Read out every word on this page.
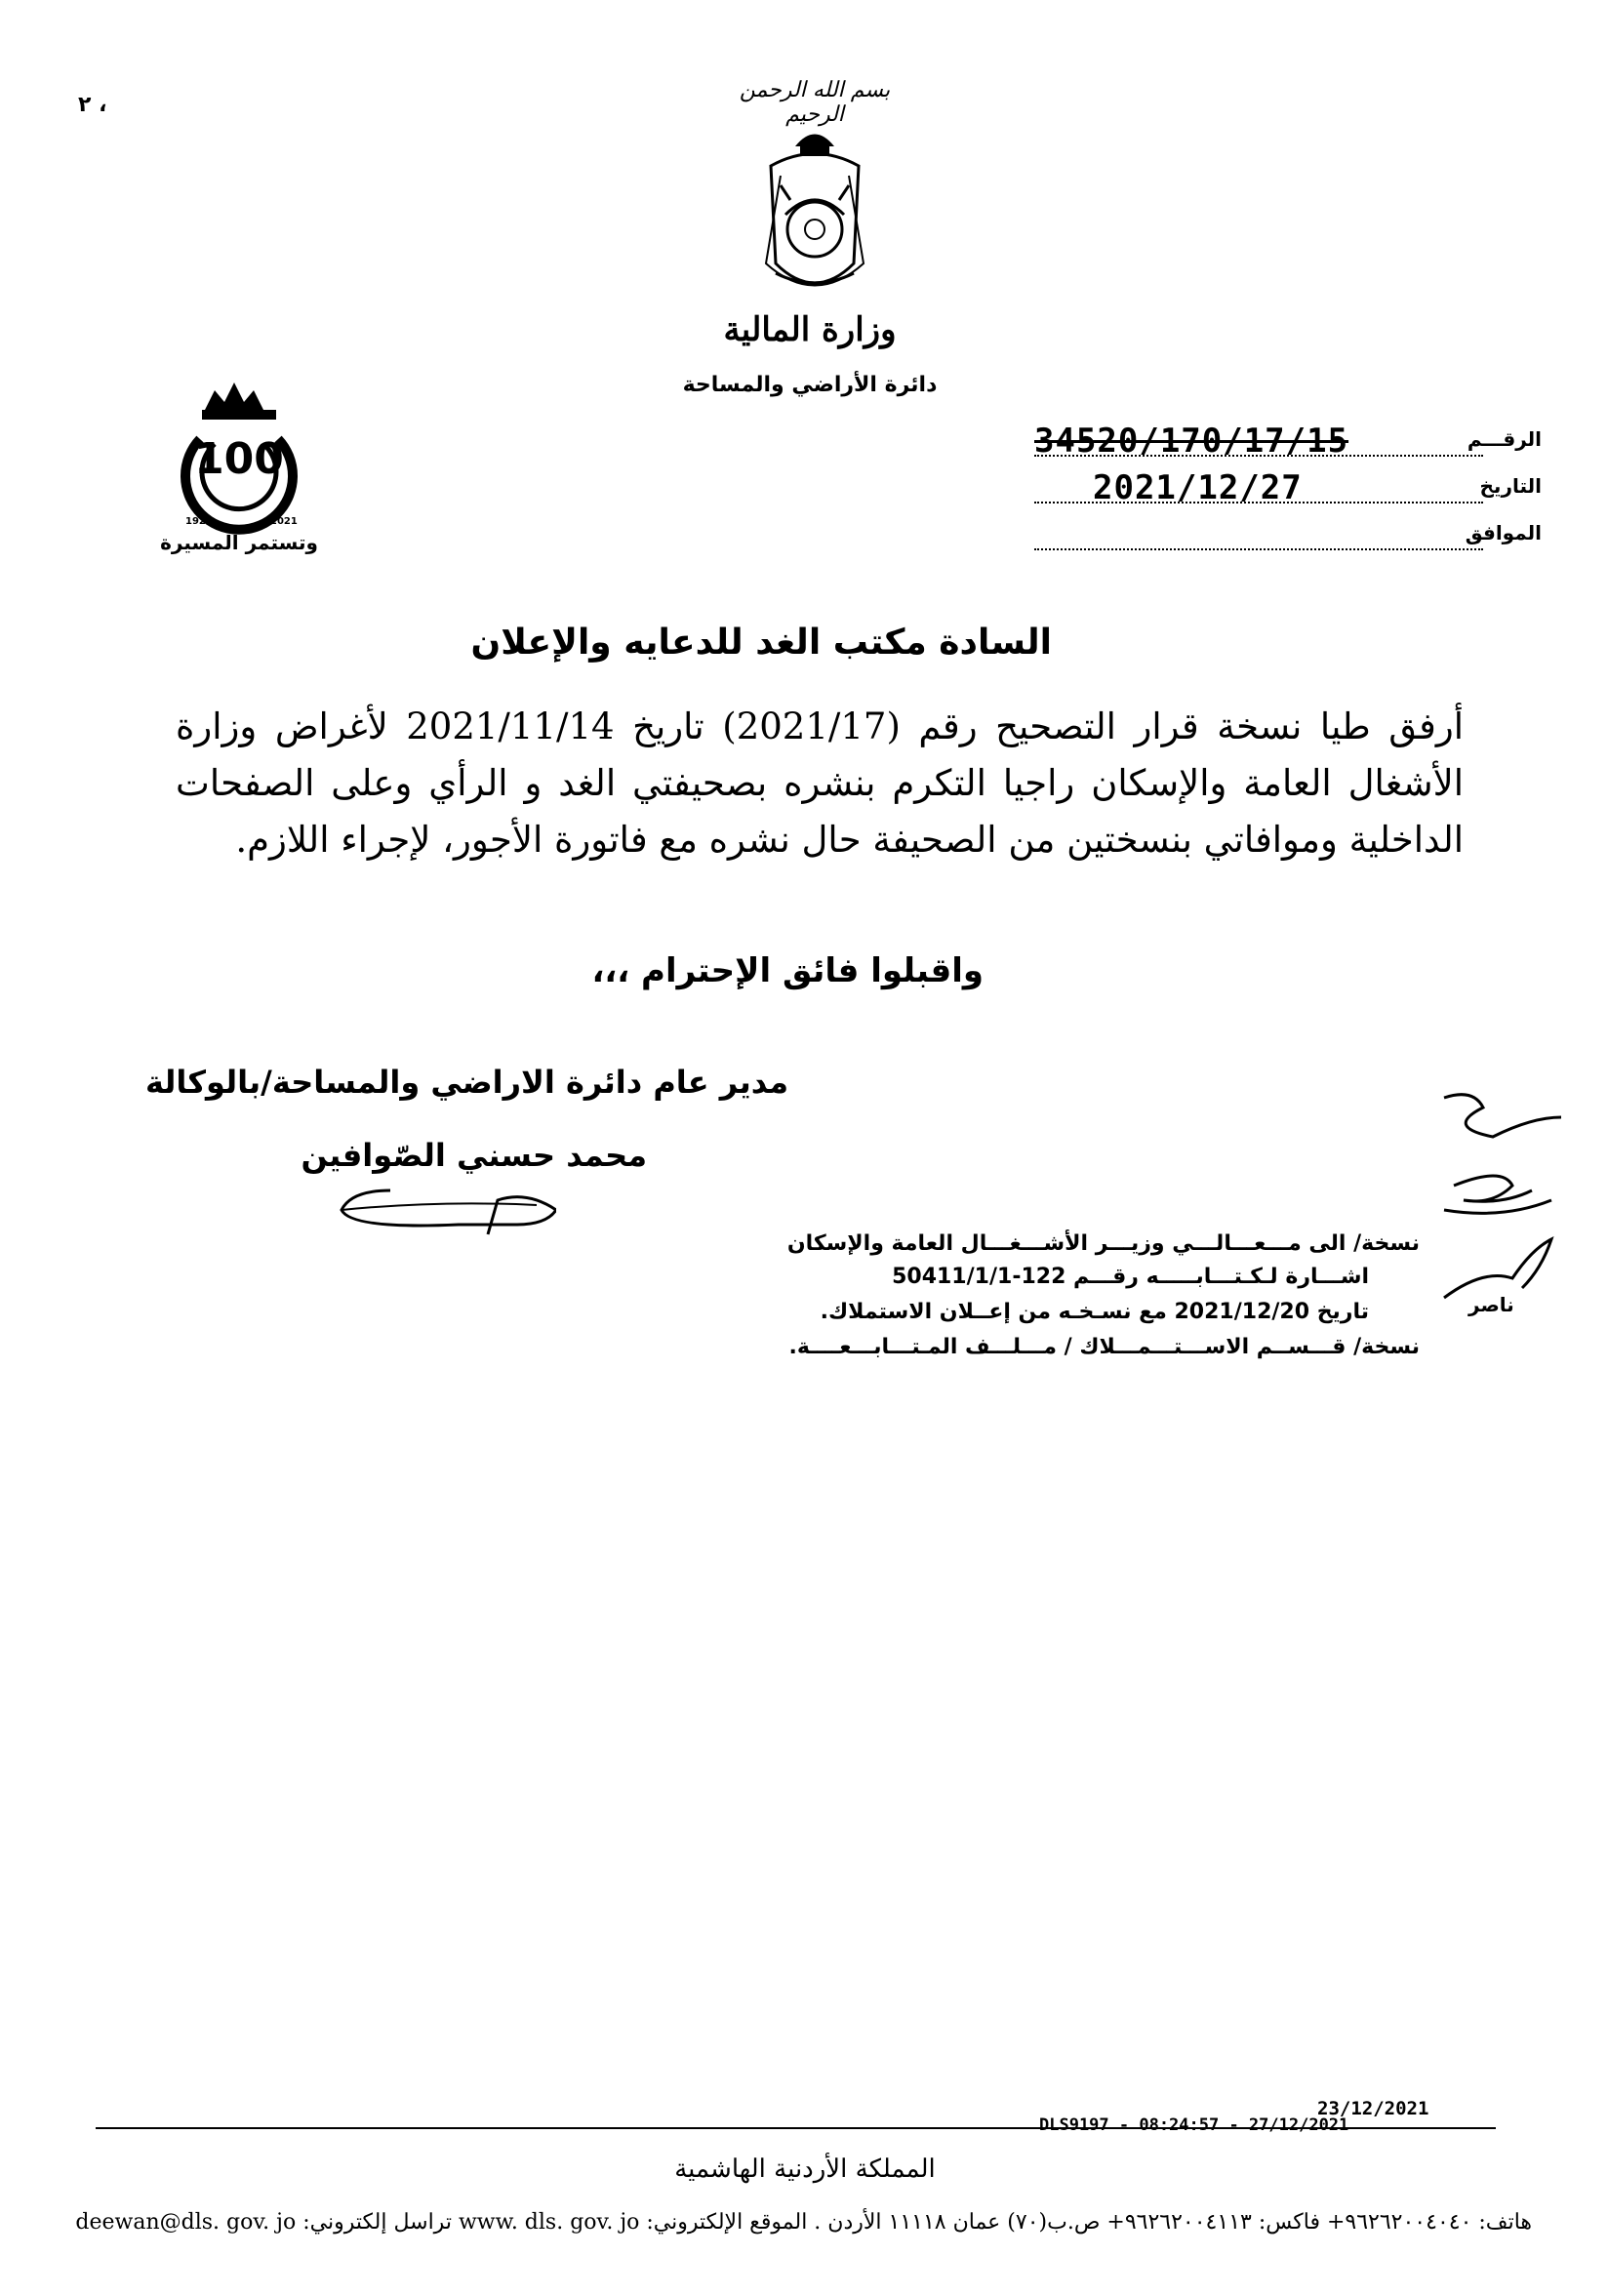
بسم الله الرحمن الرحيم
وزارة المالية
دائرة الأراضي والمساحة
100
1921	2021
وتستمر المسيرة
الرقـــم
34520/170/17/15
التاريخ
2021/12/27
الموافق
السادة مكتب الغد للدعايه والإعلان
أرفق طيا نسخة قرار التصحيح رقم (2021/17) تاريخ 2021/11/14 لأغراض وزارة الأشغال العامة والإسكان راجيا التكرم بنشره بصحيفتي الغد و الرأي وعلى الصفحات الداخلية وموافاتي بنسختين من الصحيفة حال نشره مع فاتورة الأجور، لإجراء اللازم.
واقبلوا فائق الإحترام ،،،
مدير عام دائرة الاراضي والمساحة/بالوكالة
محمد حسني الصّوافين
ناصر
نسخة/ الى مـــعـــالـــي وزيـــر الأشـــغـــال العامة والإسكان
اشـــارة لـكـتـــابـــــه رقـــم 122-50411/1/1
تاريخ 2021/12/20 مع نسـخـه من إعــلان الاستملاك.
نسخة/ قـــســم الاســـتـــمـــلاك / مـــلـــف المـتـــابـــعــــة.
٢ ،
23/12/2021
DLS9197 - 08:24:57 - 27/12/2021
المملكة الأردنية الهاشمية
هاتف: ٩٦٢٦٢٠٠٤٠٤٠+ فاكس: ٩٦٢٦٢٠٠٤١١٣+ ص.ب(٧٠) عمان ١١١١٨ الأردن . الموقع الإلكتروني: www. dls. gov. jo تراسل إلكتروني: deewan@dls. gov. jo
